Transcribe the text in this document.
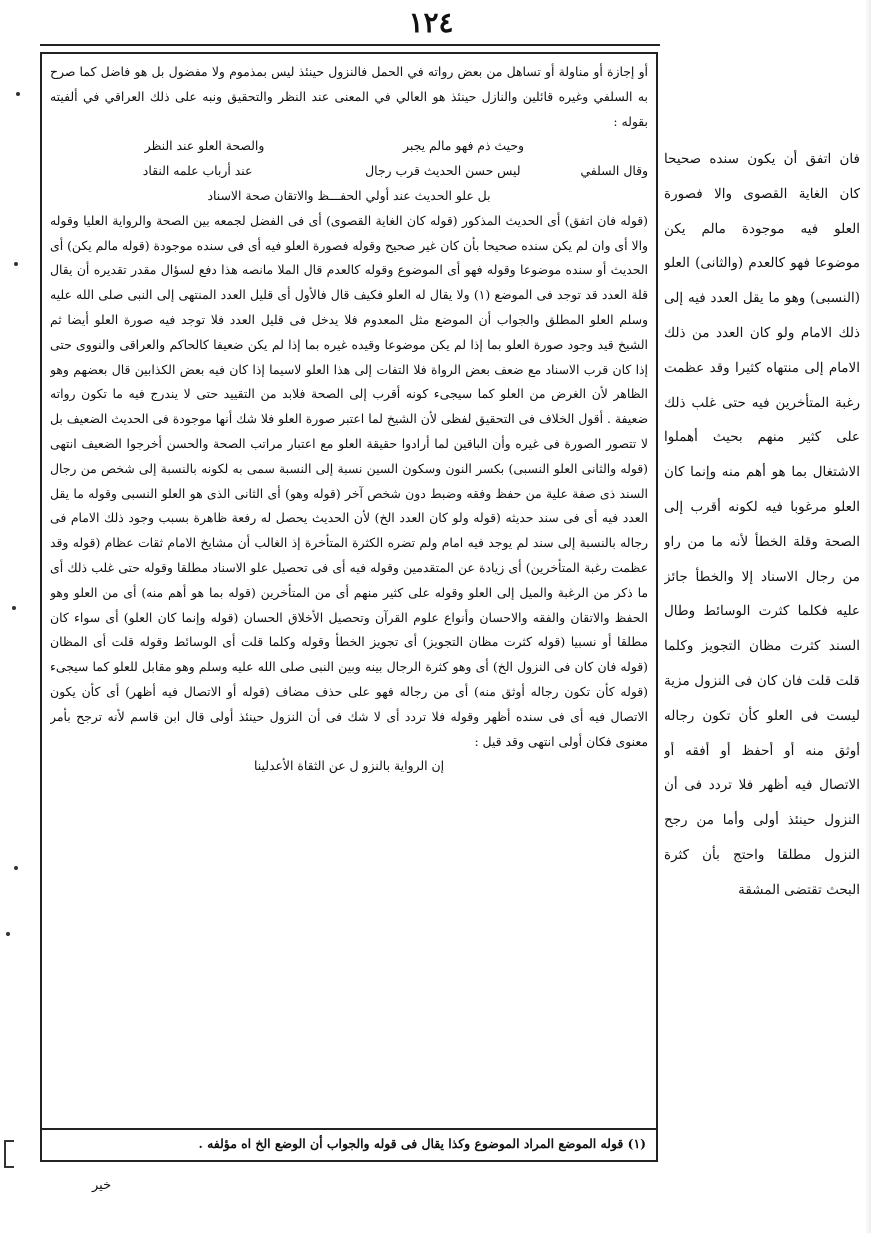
١٢٤

أو إجازة أو مناولة أو تساهل من بعض رواته في الحمل فالنزول حينئذ ليس بمذموم ولا مفضول بل هو فاضل كما صرح به السلفي وغيره قائلين والنازل حينئذ هو العالي في المعنى عند النظر والتحقيق ونبه على ذلك العراقي في ألفيته بقوله :

وحيث ذم فهو مالم يجبر
والصحة العلو عند النظر
وقال السلفي
ليس حسن الحديث قرب رجال
عند أرباب علمه النقاد
بل علو الحديث عند أولي الحفـــظ والاتقان صحة الاسناد

(قوله فان اتفق) أى الحديث المذكور (قوله كان الغاية القصوى) أى فى الفضل لجمعه بين الصحة والرواية العليا وقوله والا أى وان لم يكن سنده صحيحا بأن كان غير صحيح وقوله فصورة العلو فيه أى فى سنده موجودة (قوله مالم يكن) أى الحديث أو سنده موضوعا وقوله فهو أى الموضوع وقوله كالعدم قال الملا مانصه هذا دفع لسؤال مقدر تقديره أن يقال قلة العدد قد توجد فى الموضع (١) ولا يقال له العلو فكيف قال فالأول أى قليل العدد المنتهى إلى النبى صلى الله عليه وسلم العلو المطلق والجواب أن الموضع مثل المعدوم فلا يدخل فى قليل العدد فلا توجد فيه صورة العلو أيضا ثم الشيخ قيد وجود صورة العلو بما إذا لم يكن موضوعا وقيده غيره بما إذا لم يكن ضعيفا كالحاكم والعراقى والنووى حتى إذا كان قرب الاسناد مع ضعف بعض الرواة فلا التفات إلى هذا العلو لاسيما إذا كان فيه بعض الكذابين قال بعضهم وهو الظاهر لأن الغرض من العلو كما سيجىء كونه أقرب إلى الصحة فلابد من التقييد حتى لا يندرج فيه ما تكون رواته ضعيفة . أقول الخلاف فى التحقيق لفظى لأن الشيخ لما اعتبر صورة العلو فلا شك أنها موجودة فى الحديث الضعيف بل لا تتصور الصورة فى غيره وأن الباقين لما أرادوا حقيقة العلو مع اعتبار مراتب الصحة والحسن أخرجوا الضعيف انتهى (قوله والثانى العلو النسبى) بكسر النون وسكون السين نسبة إلى النسبة سمى به لكونه بالنسبة إلى شخص من رجال السند ذى صفة علية من حفظ وفقه وضبط دون شخص آخر (قوله وهو) أى الثانى الذى هو العلو النسبى وقوله ما يقل العدد فيه أى فى سند حديثه (قوله ولو كان العدد الخ) لأن الحديث يحصل له رفعة ظاهرة بسبب وجود ذلك الامام فى رجاله بالنسبة إلى سند لم يوجد فيه امام ولم تضره الكثرة المتأخرة إذ الغالب أن مشايخ الامام ثقات عظام (قوله وقد عظمت رغبة المتأخرين) أى زيادة عن المتقدمين وقوله فيه أى فى تحصيل علو الاسناد مطلقا وقوله حتى غلب ذلك أى ما ذكر من الرغبة والميل إلى العلو وقوله على كثير منهم أى من المتأخرين (قوله بما هو أهم منه) أى من العلو وهو الحفظ والاتقان والفقه والاحسان وأنواع علوم القرآن وتحصيل الأخلاق الحسان (قوله وإنما كان العلو) أى سواء كان مطلقا أو نسبيا (قوله كثرت مظان التجويز) أى تجويز الخطأ وقوله وكلما قلت أى الوسائط وقوله قلت أى المظان (قوله فان كان فى النزول الخ) أى وهو كثرة الرجال بينه وبين النبى صلى الله عليه وسلم وهو مقابل للعلو كما سيجىء (قوله كأن تكون رجاله أوثق منه) أى من رجاله فهو على حذف مضاف (قوله أو الاتصال فيه أظهر) أى كأن يكون الاتصال فيه أى فى سنده أظهر وقوله فلا تردد أى لا شك فى أن النزول حينئذ أولى قال ابن قاسم لأنه ترجح بأمر معنوى فكان أولى انتهى وقد قيل :

إن الرواية بالنزو ل عن الثقاة الأعدلينا
(١) قوله الموضع المراد الموضوع وكذا يقال فى قوله والجواب أن الوضع الخ اه مؤلفه .
فان اتفق أن يكون سنده صحيحا كان الغاية القصوى والا فصورة العلو فيه موجودة مالم يكن موضوعا فهو كالعدم (والثانى) العلو (النسبى) وهو ما يقل العدد فيه إلى ذلك الامام ولو كان العدد من ذلك الامام إلى منتهاه كثيرا وقد عظمت رغبة المتأخرين فيه حتى غلب ذلك على كثير منهم بحيث أهملوا الاشتغال بما هو أهم منه وإنما كان العلو مرغوبا فيه لكونه أقرب إلى الصحة وقلة الخطأ لأنه ما من راو من رجال الاسناد إلا والخطأ جائز عليه فكلما كثرت الوسائط وطال السند كثرت مظان التجويز وكلما قلت قلت فان كان فى النزول مزية ليست فى العلو كأن تكون رجاله أوثق منه أو أحفظ أو أفقه أو الاتصال فيه أظهر فلا تردد فى أن النزول حينئذ أولى وأما من رجح النزول مطلقا واحتج بأن كثرة البحث تقتضى المشقة
خير
